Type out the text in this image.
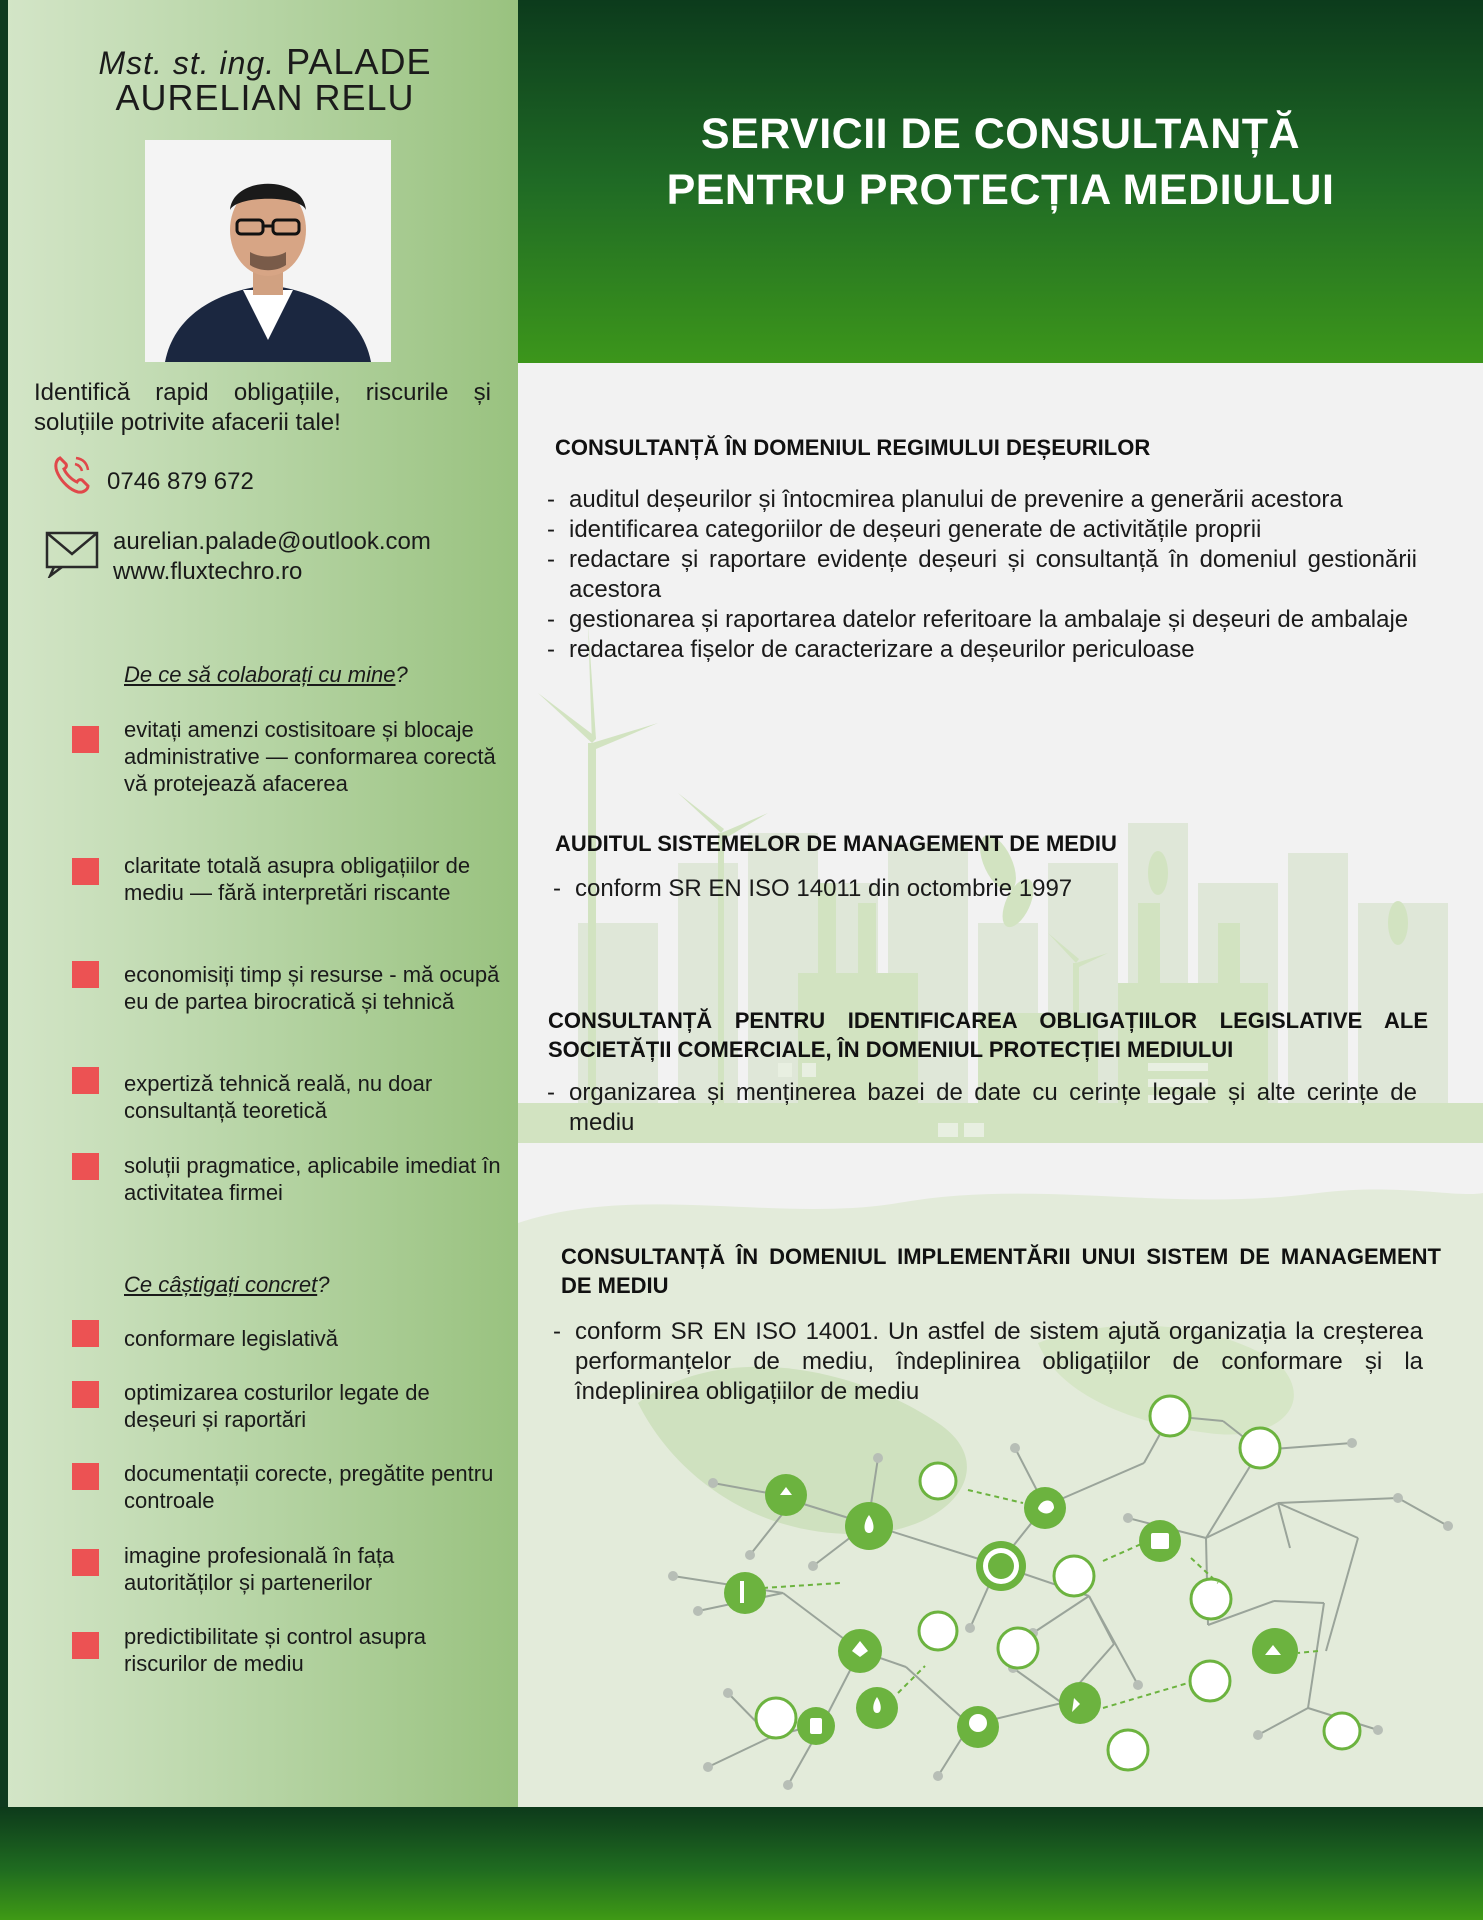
Mst. st. ing. PALADE
AURELIAN RELU
Identifică rapid obligațiile, riscurile și soluțiile potrivite afacerii tale!
0746 879 672
aurelian.palade@outlook.com
www.fluxtechro.ro
De ce să colaborați cu mine?
evitați amenzi costisitoare și blocaje administrative — conformarea corectă vă protejează afacerea
claritate totală asupra obligațiilor de mediu — fără interpretări riscante
economisiți timp și resurse - mă ocupă eu de partea birocratică și tehnică
expertiză tehnică reală, nu doar consultanță teoretică
soluții pragmatice, aplicabile imediat în activitatea firmei
Ce câștigați concret?
conformare legislativă
optimizarea costurilor legate de deșeuri și raportări
documentații corecte, pregătite pentru controale
imagine profesională în fața autorităților și partenerilor
predictibilitate și control asupra riscurilor de mediu
SERVICII DE CONSULTANȚĂ
PENTRU PROTECȚIA MEDIULUI
CONSULTANȚĂ ÎN DOMENIUL REGIMULUI DEȘEURILOR
- auditul deșeurilor și întocmirea planului de prevenire a generării acestora
- identificarea categoriilor de deșeuri generate de activitățile proprii
- redactare și raportare evidențe deșeuri și consultanță în domeniul gestionării acestora
- gestionarea și raportarea datelor referitoare la ambalaje și deșeuri de ambalaje
- redactarea fișelor de caracterizare a deșeurilor periculoase
AUDITUL SISTEMELOR DE MANAGEMENT DE MEDIU
- conform SR EN ISO 14011 din octombrie 1997
CONSULTANȚĂ PENTRU IDENTIFICAREA OBLIGAȚIILOR LEGISLATIVE ALE SOCIETĂȚII COMERCIALE, ÎN DOMENIUL PROTECȚIEI MEDIULUI
- organizarea și menținerea bazei de date cu cerințe legale și alte cerințe de mediu
CONSULTANȚĂ ÎN DOMENIUL IMPLEMENTĂRII UNUI SISTEM DE MANAGEMENT DE MEDIU
- conform SR EN ISO 14001. Un astfel de sistem ajută organizația la creșterea performanțelor de mediu, îndeplinirea obligațiilor de conformare și la îndeplinirea obligațiilor de mediu
